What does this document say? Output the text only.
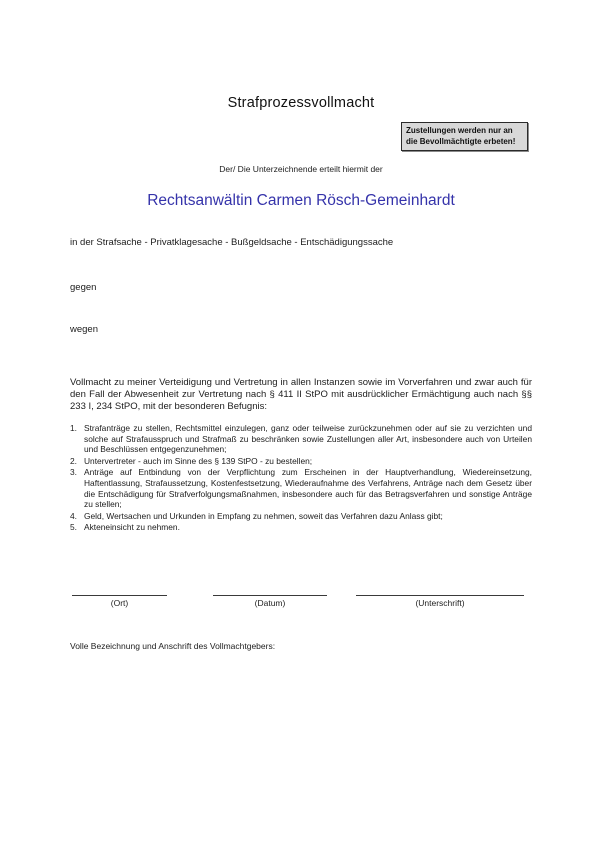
Strafprozessvollmacht
Zustellungen werden nur an
die Bevollmächtigte erbeten!
Der/ Die Unterzeichnende erteilt hiermit der
Rechtsanwältin Carmen Rösch-Gemeinhardt
in der Strafsache - Privatklagesache - Bußgeldsache - Entschädigungssache
gegen
wegen

Vollmacht zu meiner Verteidigung und Vertretung in allen Instanzen sowie im Vorverfahren und zwar auch für den Fall der Abwesenheit zur Vertretung nach § 411 II StPO mit ausdrücklicher Ermächtigung auch nach §§ 233 I, 234 StPO, mit der besonderen Befugnis:

1. Strafanträge zu stellen, Rechtsmittel einzulegen, ganz oder teilweise zurückzunehmen oder auf sie zu verzichten und solche auf Strafausspruch und Strafmaß zu beschränken sowie Zustellungen aller Art, insbesondere auch von Urteilen und Beschlüssen entgegenzunehmen;
2. Untervertreter - auch im Sinne des § 139 StPO - zu bestellen;
3. Anträge auf Entbindung von der Verpflichtung zum Erscheinen in der Hauptverhandlung, Wiedereinsetzung, Haftentlassung, Strafaussetzung, Kostenfestsetzung, Wiederaufnahme des Verfahrens, Anträge nach dem Gesetz über die Entschädigung für Strafverfolgungsmaßnahmen, insbesondere auch für das Betragsverfahren und sonstige Anträge zu stellen;
4. Geld, Wertsachen und Urkunden in Empfang zu nehmen, soweit das Verfahren dazu Anlass gibt;
5. Akteneinsicht zu nehmen.
(Ort)	(Datum)	(Unterschrift)
Volle Bezeichnung und Anschrift des Vollmachtgebers:
